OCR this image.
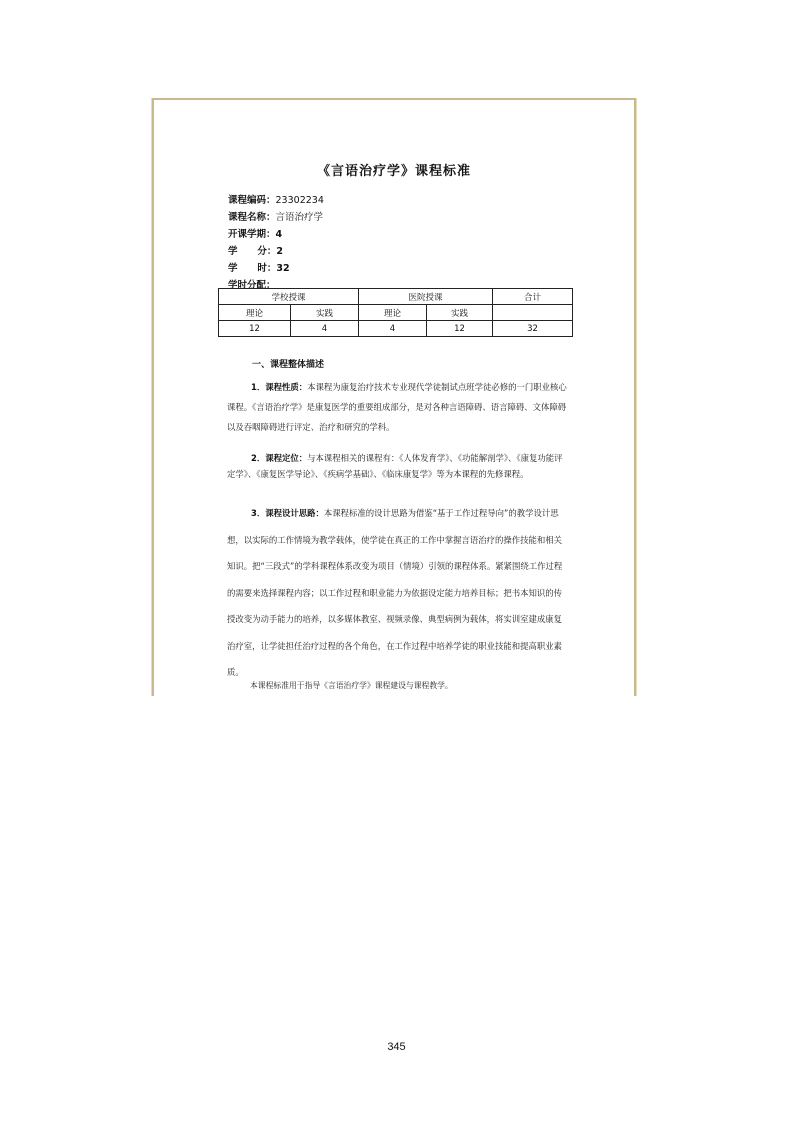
《言语治疗学》课程标准
课程编码：23302234
课程名称：言语治疗学
开课学期：4
学      分：2
学      时：32
学时分配：
学校授课		医院授课		合计
理论	实践	理论	实践	
12	4	4	12	32
一、课程整体描述
1．课程性质：本课程为康复治疗技术专业现代学徒制试点班学徒必修的一门职业核心课程。《言语治疗学》是康复医学的重要组成部分，是对各种言语障碍、语言障碍、文体障碍以及吞咽障碍进行评定、治疗和研究的学科。
2．课程定位：与本课程相关的课程有：《人体发育学》、《功能解剖学》、《康复功能评定学》、《康复医学导论》、《疾病学基础》、《临床康复学》等为本课程的先修课程。
3．课程设计思路：本课程标准的设计思路为借鉴“基于工作过程导向”的教学设计思想，以实际的工作情境为教学载体，使学徒在真正的工作中掌握言语治疗的操作技能和相关知识。把“三段式”的学科课程体系改变为项目（情境）引领的课程体系。紧紧围绕工作过程的需要来选择课程内容；以工作过程和职业能力为依据设定能力培养目标；把书本知识的传授改变为动手能力的培养，以多媒体教室、视频录像、典型病例为载体，将实训室建成康复治疗室，让学徒担任治疗过程的各个角色，在工作过程中培养学徒的职业技能和提高职业素质。
本课程标准用于指导《言语治疗学》课程建设与课程教学。
345
